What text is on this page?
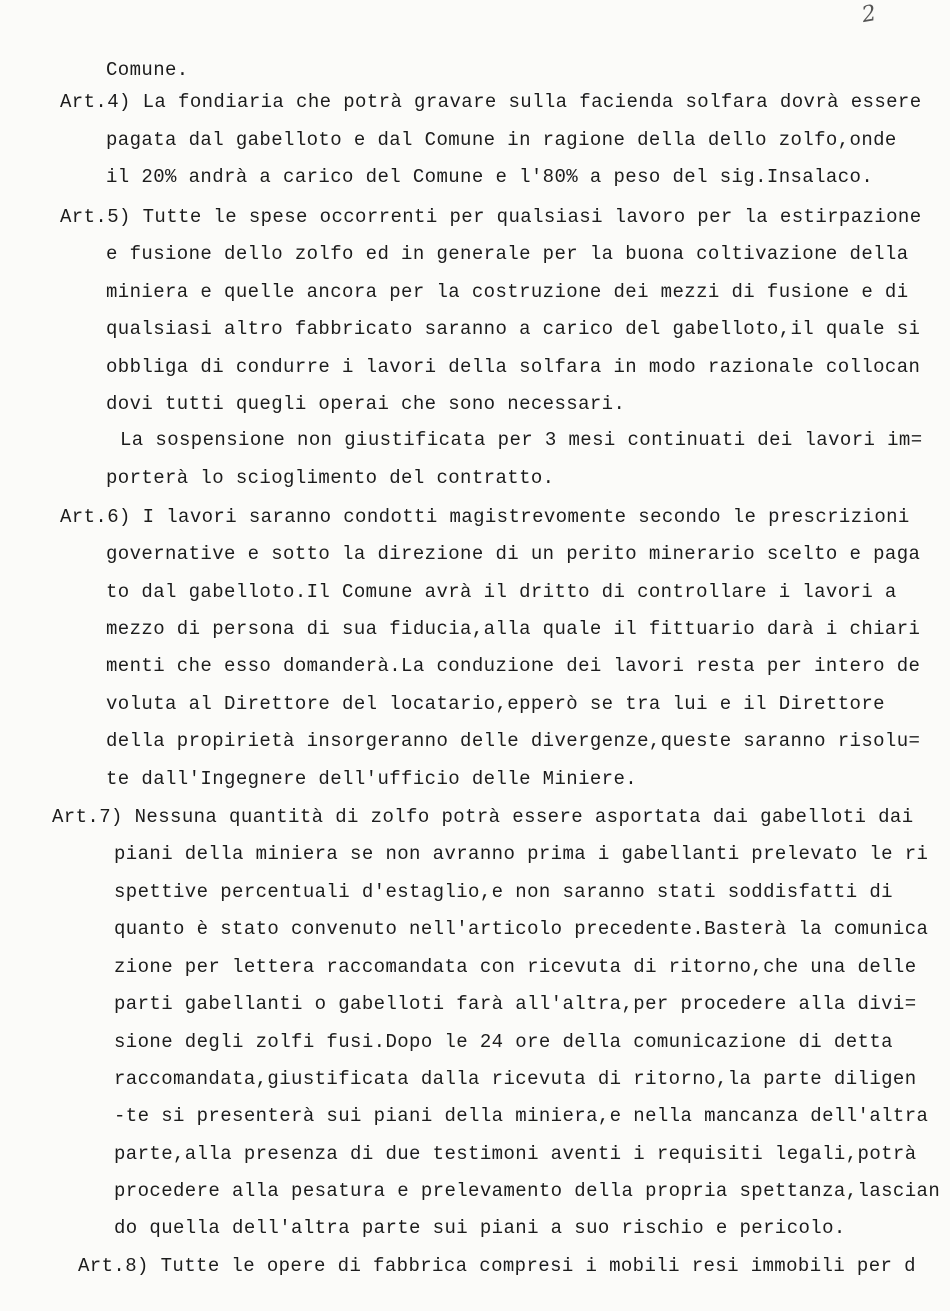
2
Comune.
Art.4) La fondiaria che potrà gravare sulla facienda solfara dovrà essere
pagata dal gabelloto e dal Comune in ragione della dello zolfo,onde
il 20% andrà a carico del Comune e l'80% a peso del sig.Insalaco.
Art.5) Tutte le spese occorrenti per qualsiasi lavoro per la estirpazione
e fusione dello zolfo ed in generale per la buona coltivazione della
miniera e quelle ancora per la costruzione dei mezzi di fusione e di
qualsiasi altro fabbricato saranno a carico del gabelloto,il quale si
obbliga di condurre i lavori della solfara in modo razionale collocan
dovi tutti quegli operai che sono necessari.
La sospensione non giustificata per 3 mesi continuati dei lavori im=
porterà lo scioglimento del contratto.
Art.6) I lavori saranno condotti magistrevomente secondo le prescrizioni
governative e sotto la direzione di un perito minerario scelto e paga
to dal gabelloto.Il Comune avrà il dritto di controllare i lavori a
mezzo di persona di sua fiducia,alla quale il fittuario darà i chiari
menti che esso domanderà.La conduzione dei lavori resta per intero de
voluta al Direttore del locatario,epperò se tra lui e il Direttore
della propirietà insorgeranno delle divergenze,queste saranno risolu=
te dall'Ingegnere dell'ufficio delle Miniere.
Art.7) Nessuna quantità di zolfo potrà essere asportata dai gabelloti dai
piani della miniera se non avranno prima i gabellanti prelevato le ri
spettive percentuali d'estaglio,e non saranno stati soddisfatti di
quanto è stato convenuto nell'articolo precedente.Basterà la comunica
zione per lettera raccomandata con ricevuta di ritorno,che una delle
parti gabellanti o gabelloti farà all'altra,per procedere alla divi=
sione degli zolfi fusi.Dopo le 24 ore della comunicazione di detta
raccomandata,giustificata dalla ricevuta di ritorno,la parte diligen
-te si presenterà sui piani della miniera,e nella mancanza dell'altra
parte,alla presenza di due testimoni aventi i requisiti legali,potrà
procedere alla pesatura e prelevamento della propria spettanza,lascian
do quella dell'altra parte sui piani a suo rischio e pericolo.
Art.8) Tutte le opere di fabbrica compresi i mobili resi immobili per d
